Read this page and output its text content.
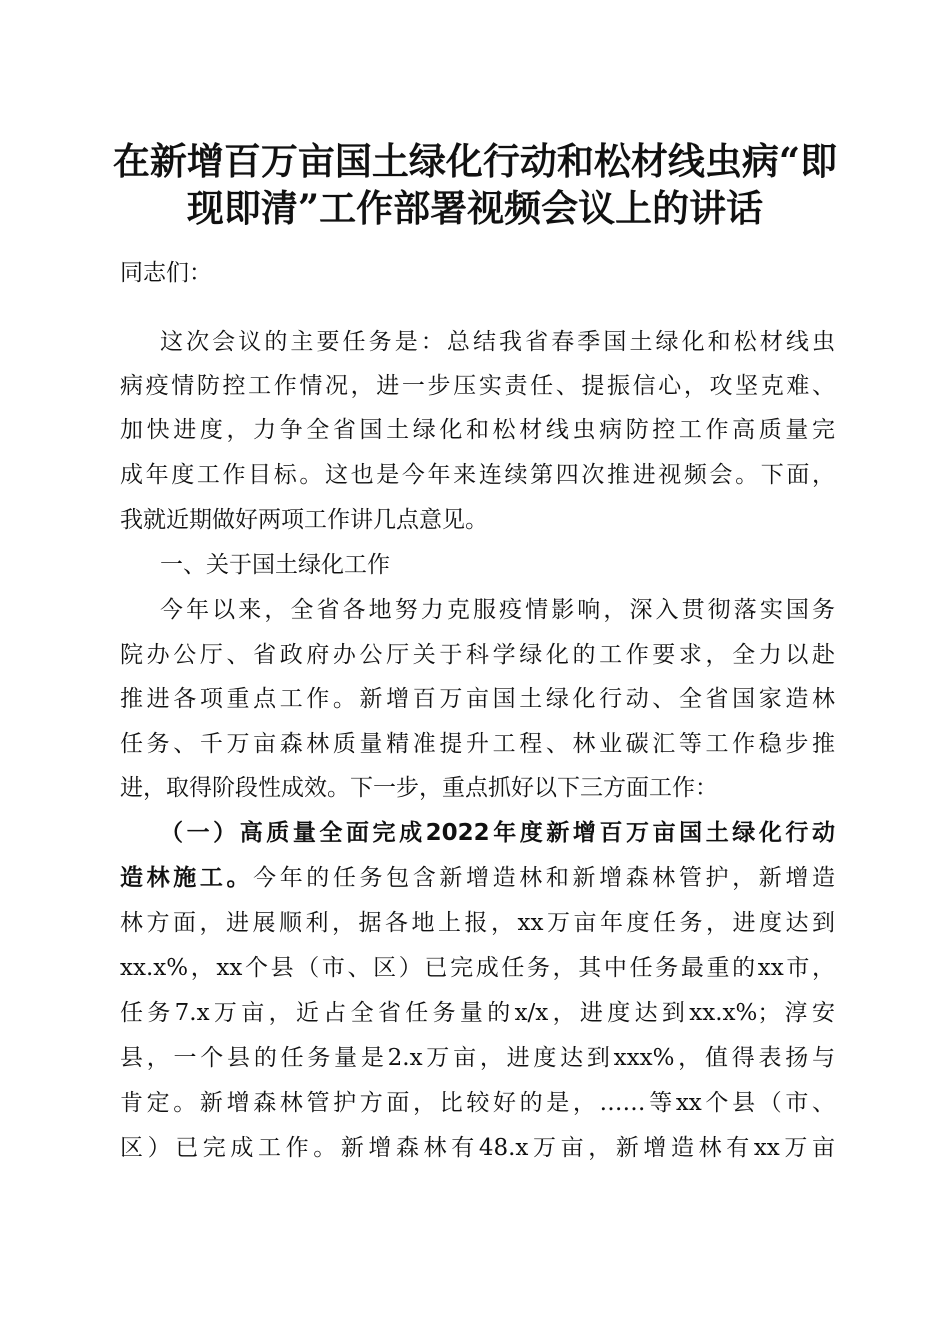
在新增百万亩国土绿化行动和松材线虫病“即
现即清”工作部署视频会议上的讲话
同志们：
这次会议的主要任务是：总结我省春季国土绿化和松材线虫
病疫情防控工作情况，进一步压实责任、提振信心，攻坚克难、
加快进度，力争全省国土绿化和松材线虫病防控工作高质量完
成年度工作目标。这也是今年来连续第四次推进视频会。下面，
我就近期做好两项工作讲几点意见。
一、关于国土绿化工作
今年以来，全省各地努力克服疫情影响，深入贯彻落实国务
院办公厅、省政府办公厅关于科学绿化的工作要求，全力以赴
推进各项重点工作。新增百万亩国土绿化行动、全省国家造林
任务、千万亩森林质量精准提升工程、林业碳汇等工作稳步推
进，取得阶段性成效。下一步，重点抓好以下三方面工作：
（一）高质量全面完成2022年度新增百万亩国土绿化行动
造林施工。今年的任务包含新增造林和新增森林管护，新增造
林方面，进展顺利，据各地上报，xx万亩年度任务，进度达到
xx.x%，xx个县（市、区）已完成任务，其中任务最重的xx市，
任务7.x万亩，近占全省任务量的x/x，进度达到xx.x%；淳安
县，一个县的任务量是2.x万亩，进度达到xxx%，值得表扬与
肯定。新增森林管护方面，比较好的是，……等xx个县（市、
区）已完成工作。新增森林有48.x万亩，新增造林有xx万亩
